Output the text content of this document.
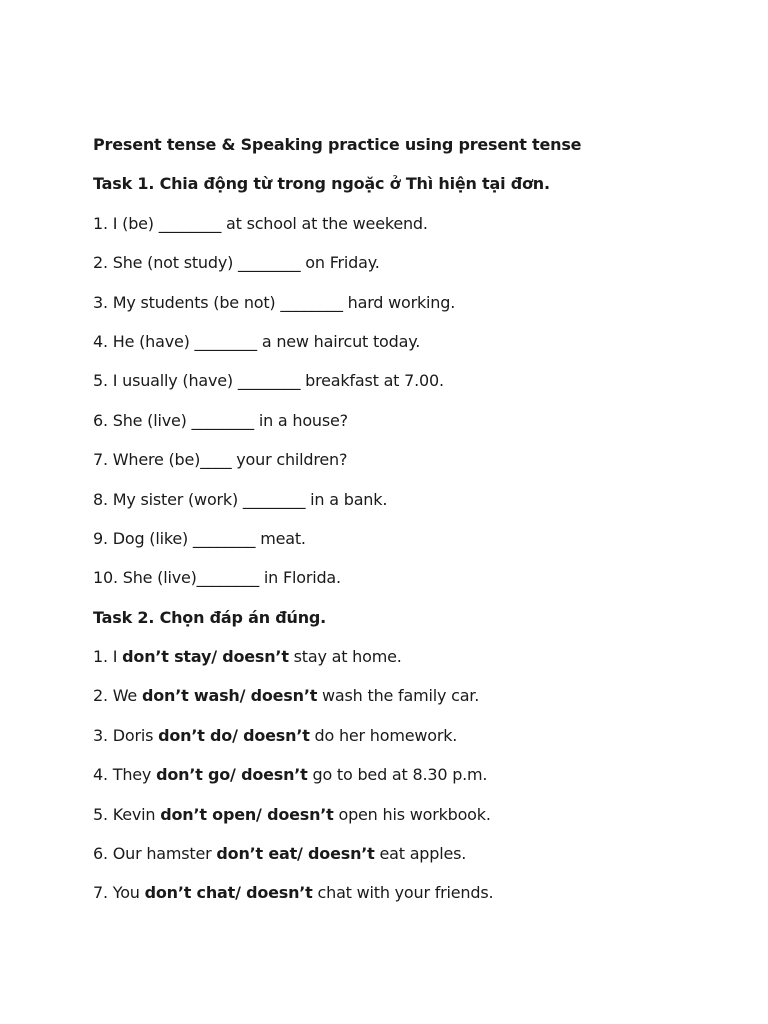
Present tense & Speaking practice using present tense
Task 1. Chia động từ trong ngoặc ở Thì hiện tại đơn.
1. I (be) ________ at school at the weekend.
2. She (not study) ________ on Friday.
3. My students (be not) ________ hard working.
4. He (have) ________ a new haircut today.
5. I usually (have) ________ breakfast at 7.00.
6. She (live) ________ in a house?
7. Where (be)____ your children?
8. My sister (work) ________ in a bank.
9. Dog (like) ________ meat.
10. She (live)________ in Florida.
Task 2. Chọn đáp án đúng.
1. I don’t stay/ doesn’t stay at home.
2. We don’t wash/ doesn’t wash the family car.
3. Doris don’t do/ doesn’t do her homework.
4. They don’t go/ doesn’t go to bed at 8.30 p.m.
5. Kevin don’t open/ doesn’t open his workbook.
6. Our hamster don’t eat/ doesn’t eat apples.
7. You don’t chat/ doesn’t chat with your friends.
